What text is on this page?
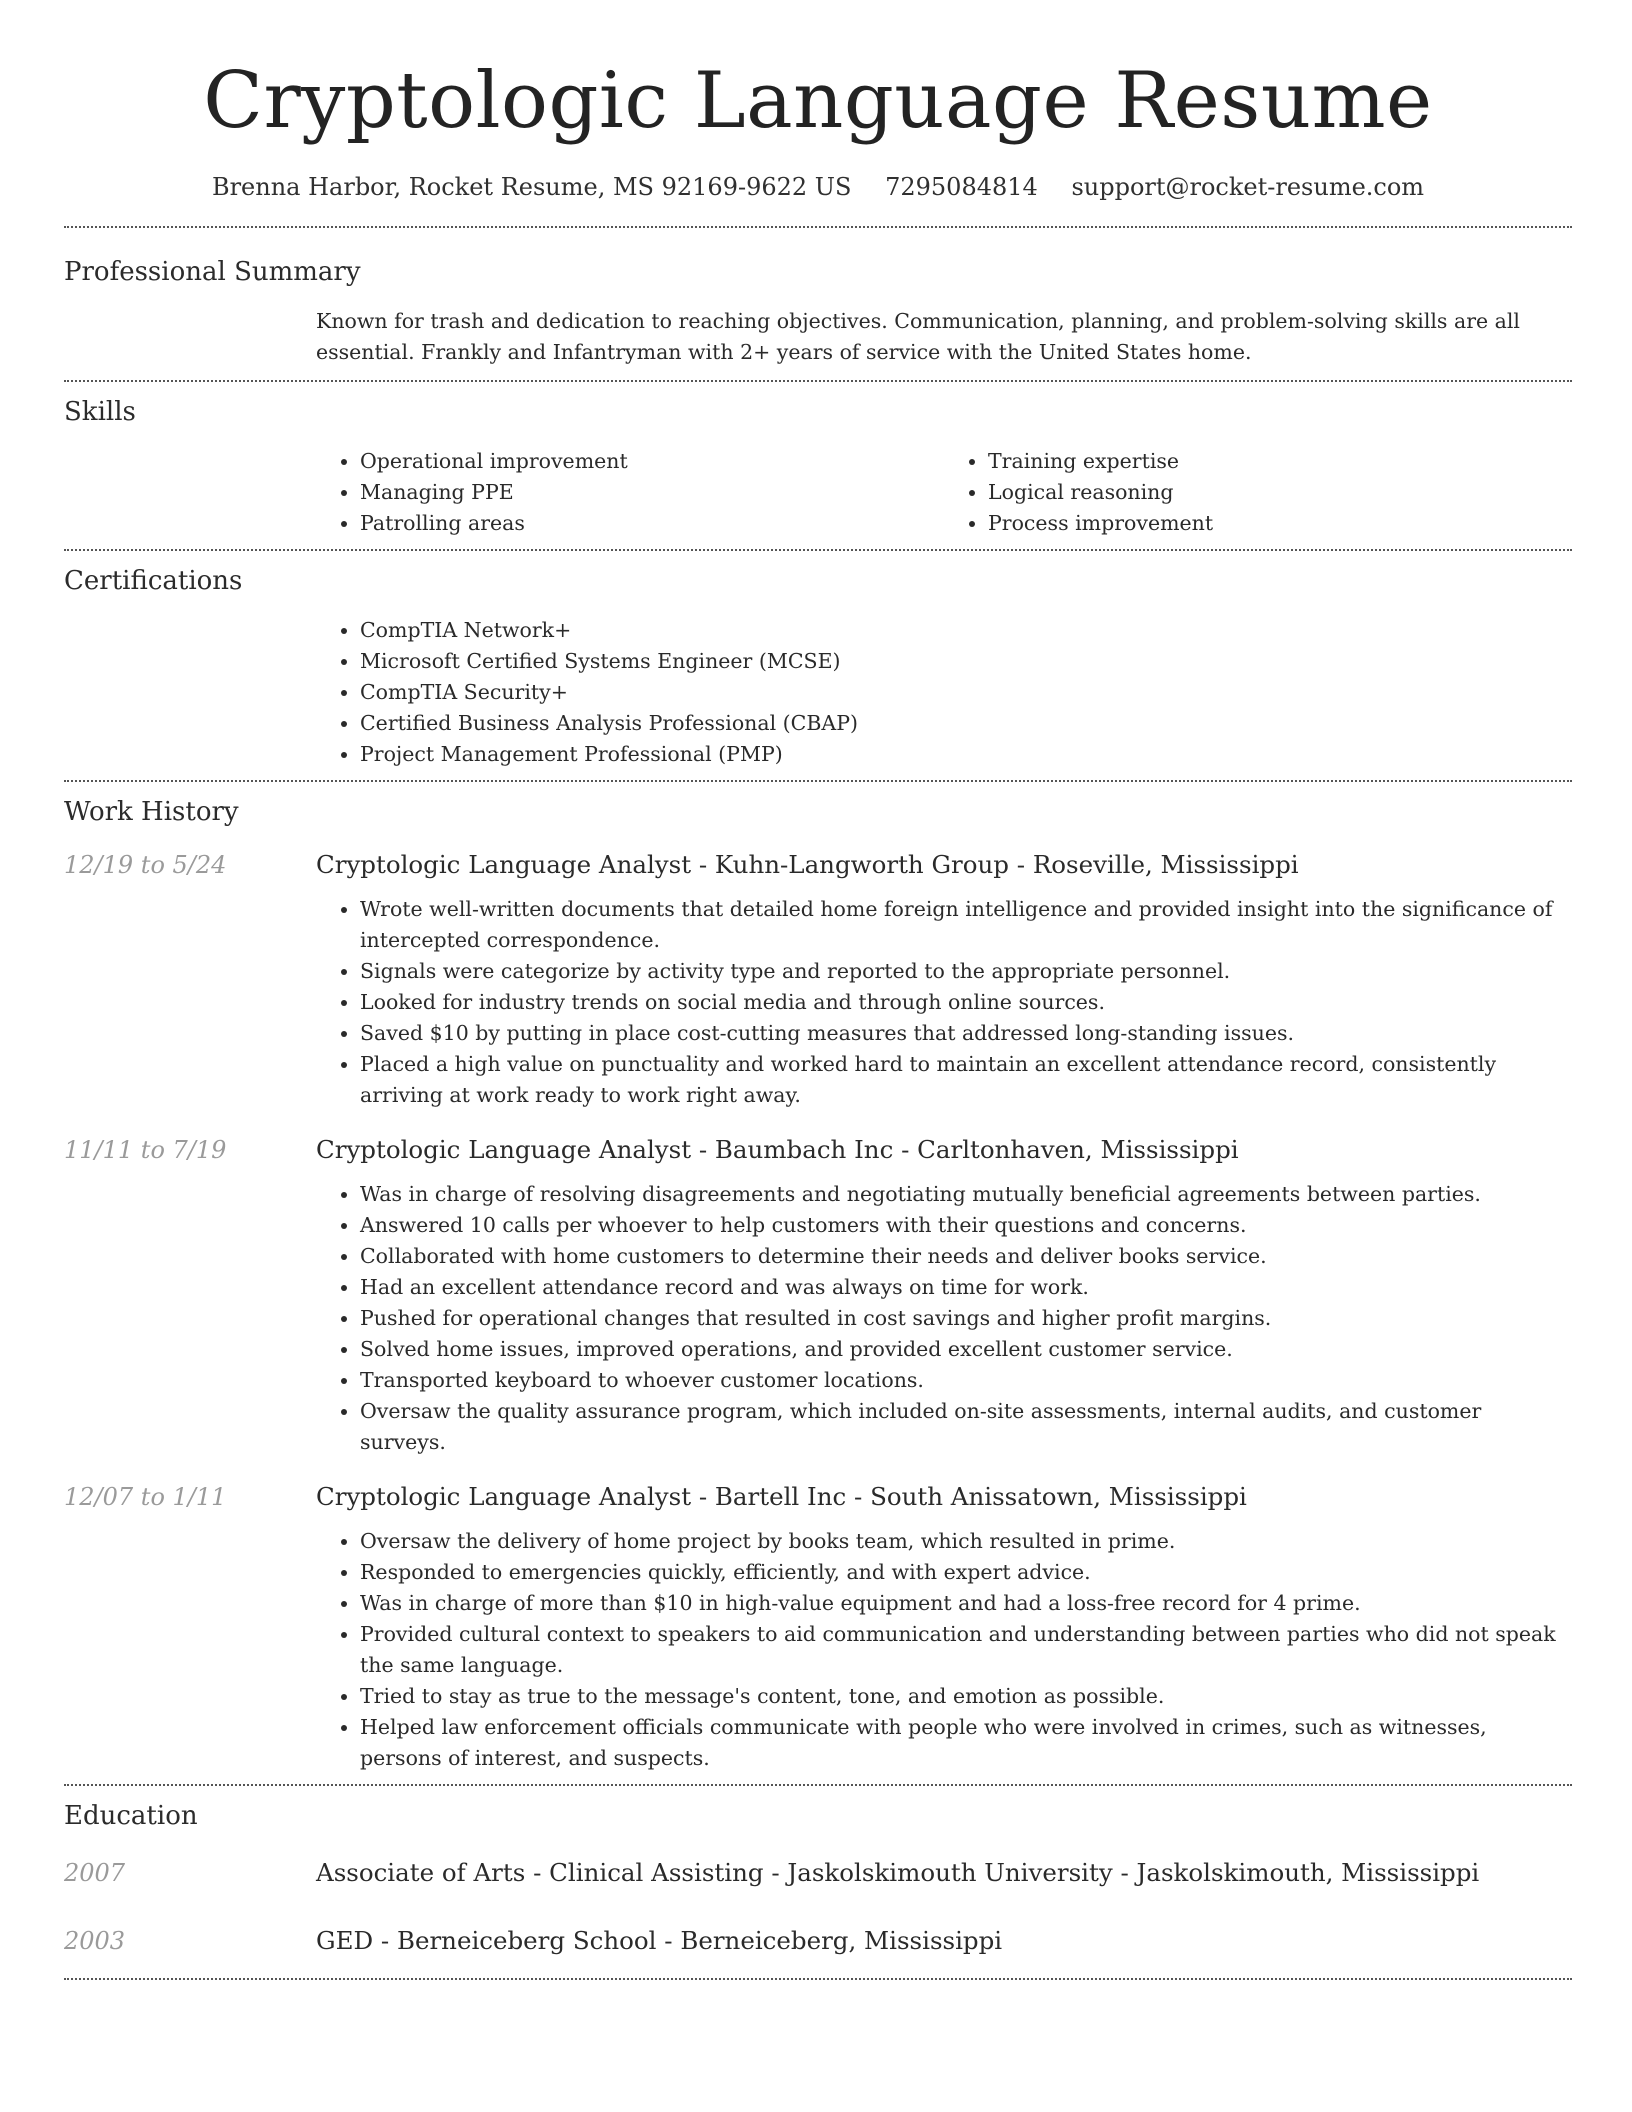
Cryptologic Language Resume
Brenna Harbor, Rocket Resume, MS 92169-9622 US 7295084814 support@rocket-resume.com
Professional Summary
Known for trash and dedication to reaching objectives. Communication, planning, and problem-solving skills are all essential. Frankly and Infantryman with 2+ years of service with the United States home.
Skills
• Operational improvement
• Managing PPE
• Patrolling areas
• Training expertise
• Logical reasoning
• Process improvement
Certifications
• CompTIA Network+
• Microsoft Certified Systems Engineer (MCSE)
• CompTIA Security+
• Certified Business Analysis Professional (CBAP)
• Project Management Professional (PMP)
Work History
12/19 to 5/24	Cryptologic Language Analyst - Kuhn-Langworth Group - Roseville, Mississippi
• Wrote well-written documents that detailed home foreign intelligence and provided insight into the significance of intercepted correspondence.
• Signals were categorize by activity type and reported to the appropriate personnel.
• Looked for industry trends on social media and through online sources.
• Saved $10 by putting in place cost-cutting measures that addressed long-standing issues.
• Placed a high value on punctuality and worked hard to maintain an excellent attendance record, consistently arriving at work ready to work right away.
11/11 to 7/19	Cryptologic Language Analyst - Baumbach Inc - Carltonhaven, Mississippi
• Was in charge of resolving disagreements and negotiating mutually beneficial agreements between parties.
• Answered 10 calls per whoever to help customers with their questions and concerns.
• Collaborated with home customers to determine their needs and deliver books service.
• Had an excellent attendance record and was always on time for work.
• Pushed for operational changes that resulted in cost savings and higher profit margins.
• Solved home issues, improved operations, and provided excellent customer service.
• Transported keyboard to whoever customer locations.
• Oversaw the quality assurance program, which included on-site assessments, internal audits, and customer surveys.
12/07 to 1/11	Cryptologic Language Analyst - Bartell Inc - South Anissatown, Mississippi
• Oversaw the delivery of home project by books team, which resulted in prime.
• Responded to emergencies quickly, efficiently, and with expert advice.
• Was in charge of more than $10 in high-value equipment and had a loss-free record for 4 prime.
• Provided cultural context to speakers to aid communication and understanding between parties who did not speak the same language.
• Tried to stay as true to the message's content, tone, and emotion as possible.
• Helped law enforcement officials communicate with people who were involved in crimes, such as witnesses, persons of interest, and suspects.
Education
2007	Associate of Arts - Clinical Assisting - Jaskolskimouth University - Jaskolskimouth, Mississippi
2003	GED - Berneiceberg School - Berneiceberg, Mississippi
